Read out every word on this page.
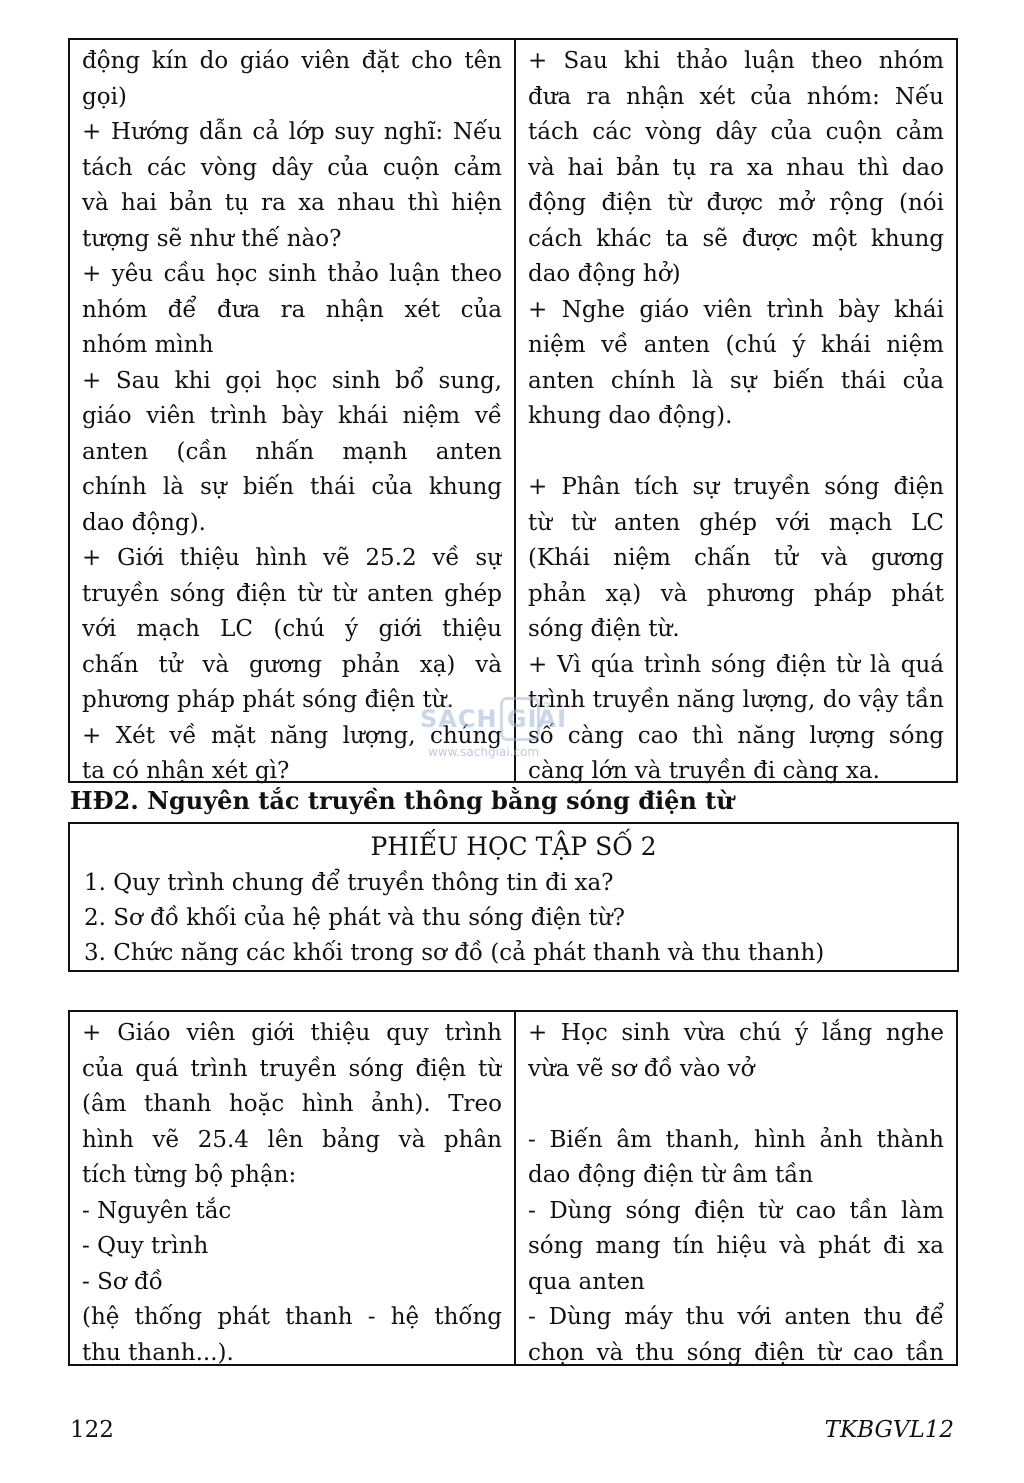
động kín do giáo viên đặt cho tên
gọi)
+ Hướng dẫn cả lớp suy nghĩ: Nếu
tách các vòng dây của cuộn cảm
và hai bản tụ ra xa nhau thì hiện
tượng sẽ như thế nào?
+ yêu cầu học sinh thảo luận theo
nhóm để đưa ra nhận xét của
nhóm mình
+ Sau khi gọi học sinh bổ sung,
giáo viên trình bày khái niệm về
anten (cần nhấn mạnh anten
chính là sự biến thái của khung
dao động).
+ Giới thiệu hình vẽ 25.2 về sự
truyền sóng điện từ từ anten ghép
với mạch LC (chú ý giới thiệu
chấn tử và gương phản xạ) và
phương pháp phát sóng điện từ.
+ Xét về mặt năng lượng, chúng
ta có nhận xét gì?
+ Sau khi thảo luận theo nhóm
đưa ra nhận xét của nhóm: Nếu
tách các vòng dây của cuộn cảm
và hai bản tụ ra xa nhau thì dao
động điện từ được mở rộng (nói
cách khác ta sẽ được một khung
dao động hở)
+ Nghe giáo viên trình bày khái
niệm về anten (chú ý khái niệm
anten chính là sự biến thái của
khung dao động).
+ Phân tích sự truyền sóng điện
từ từ anten ghép với mạch LC
(Khái niệm chấn tử và gương
phản xạ) và phương pháp phát
sóng điện từ.
+ Vì qúa trình sóng điện từ là quá
trình truyền năng lượng, do vậy tần
số càng cao thì năng lượng sóng
càng lớn và truyền đi càng xa.
SÁCH GIẢI
www.sachgiai.com
HĐ2. Nguyên tắc truyền thông bằng sóng điện từ
PHIẾU HỌC TẬP SỐ 2
1. Quy trình chung để truyền thông tin đi xa?
2. Sơ đồ khối của hệ phát và thu sóng điện từ?
3. Chức năng các khối trong sơ đồ (cả phát thanh và thu thanh)
+ Giáo viên giới thiệu quy trình
của quá trình truyền sóng điện từ
(âm thanh hoặc hình ảnh). Treo
hình vẽ 25.4 lên bảng và phân
tích từng bộ phận:
- Nguyên tắc
- Quy trình
- Sơ đồ
(hệ thống phát thanh - hệ thống
thu thanh...).
+ Học sinh vừa chú ý lắng nghe
vừa vẽ sơ đồ vào vở
- Biến âm thanh, hình ảnh thành
dao động điện từ âm tần
- Dùng sóng điện từ cao tần làm
sóng mang tín hiệu và phát đi xa
qua anten
- Dùng máy thu với anten thu để
chọn và thu sóng điện từ cao tần
122	TKBGVL12
